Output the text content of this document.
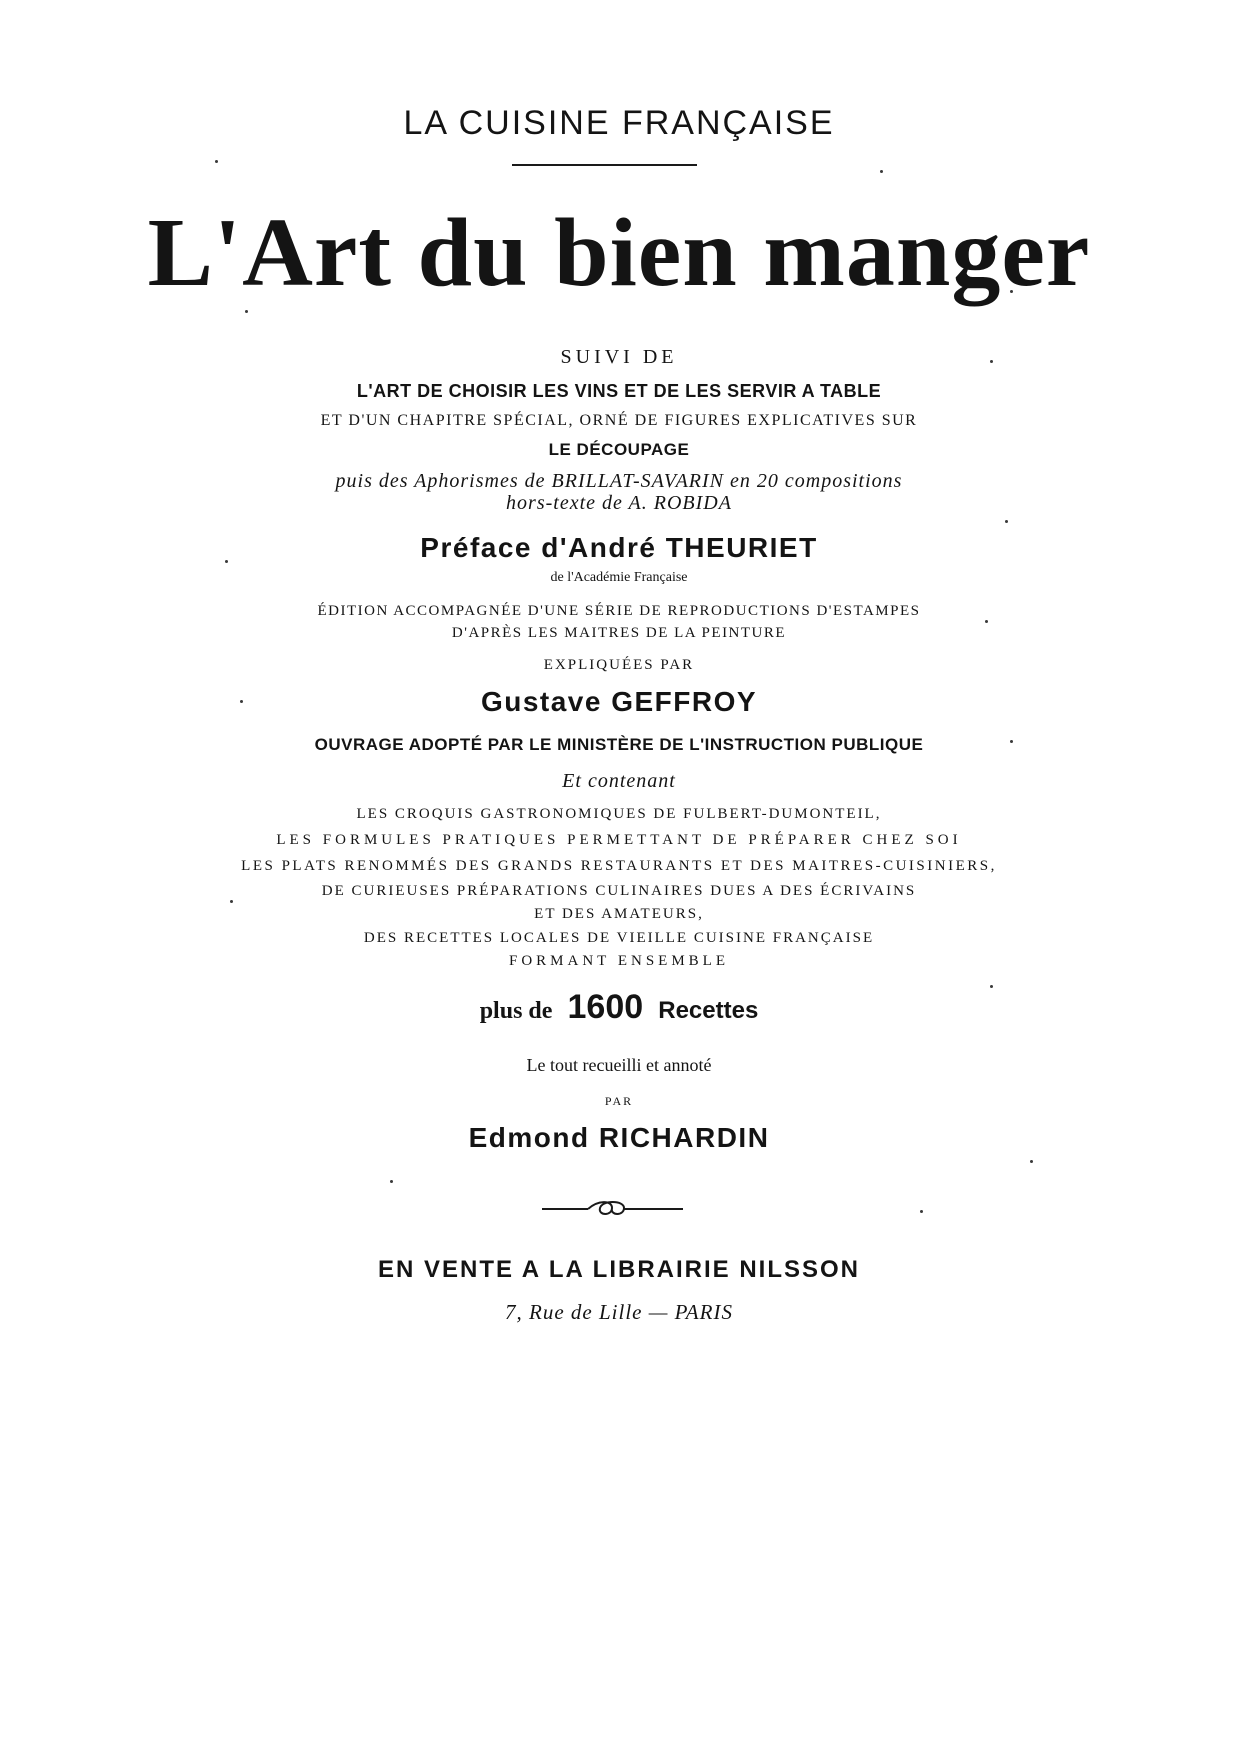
LA CUISINE FRANÇAISE
L'Art du bien manger
SUIVI DE
L'ART DE CHOISIR LES VINS ET DE LES SERVIR A TABLE
ET D'UN CHAPITRE SPÉCIAL, ORNÉ DE FIGURES EXPLICATIVES SUR
LE DÉCOUPAGE
puis des Aphorismes de BRILLAT-SAVARIN en 20 compositions
hors-texte de A. ROBIDA
Préface d'André THEURIET
de l'Académie Française
ÉDITION ACCOMPAGNÉE D'UNE SÉRIE DE REPRODUCTIONS D'ESTAMPES
D'APRÈS LES MAITRES DE LA PEINTURE
EXPLIQUÉES PAR
Gustave GEFFROY
OUVRAGE ADOPTÉ PAR LE MINISTÈRE DE L'INSTRUCTION PUBLIQUE
Et contenant
LES CROQUIS GASTRONOMIQUES DE FULBERT-DUMONTEIL,
LES FORMULES PRATIQUES PERMETTANT DE PRÉPARER CHEZ SOI
LES PLATS RENOMMÉS DES GRANDS RESTAURANTS ET DES MAITRES-CUISINIERS,
DE CURIEUSES PRÉPARATIONS CULINAIRES DUES A DES ÉCRIVAINS
ET DES AMATEURS,
DES RECETTES LOCALES DE VIEILLE CUISINE FRANÇAISE
FORMANT ENSEMBLE
plus de 1600 Recettes
Le tout recueilli et annoté
PAR
Edmond RICHARDIN
EN VENTE A LA LIBRAIRIE NILSSON
7, Rue de Lille — PARIS
